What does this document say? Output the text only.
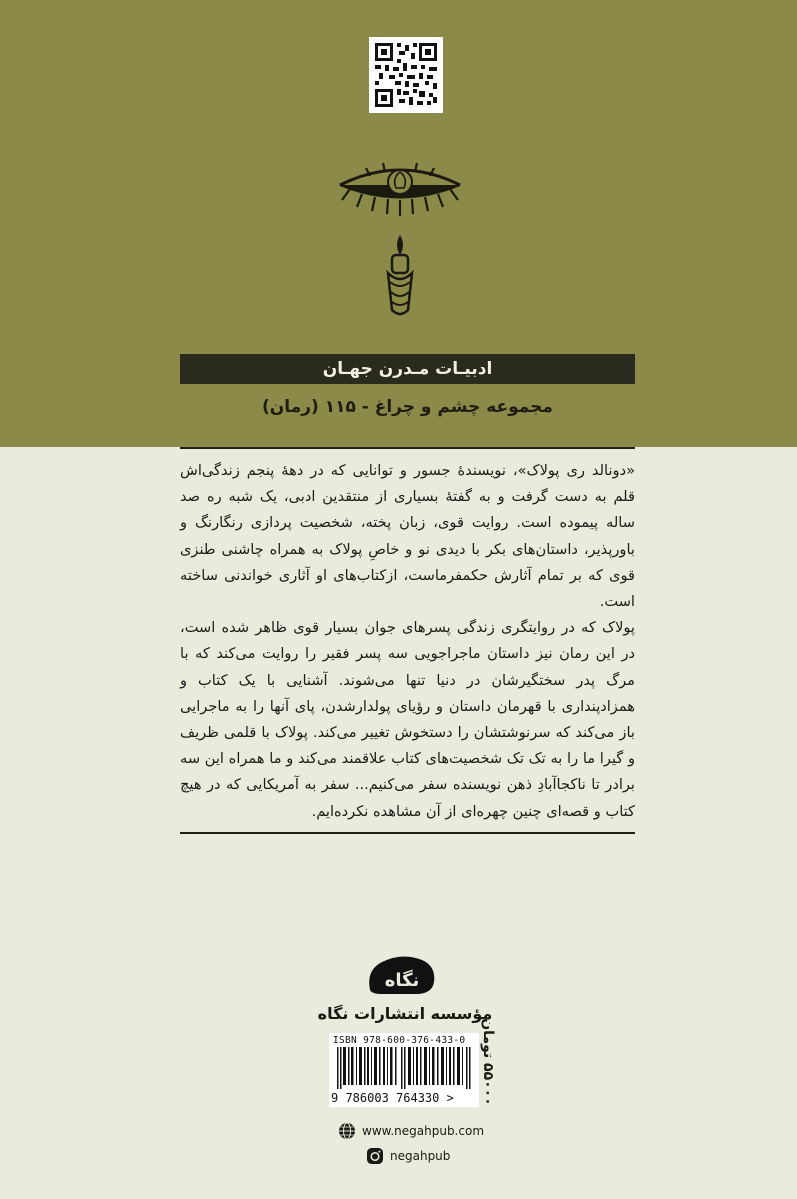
ادبیـات مـدرن جهـان
مجموعه چشم و چراغ - ۱۱۵ (رمان)

«دونالد ری پولاک»، نویسندهٔ جسور و توانایی که در دههٔ پنجم زندگی‌اش قلم به دست گرفت و به گفتهٔ بسیاری از منتقدین ادبی، یک شبه ره صد ساله پیموده است. روایت قوی، زبان پخته، شخصیت پردازی رنگارنگ و باورپذیر، داستان‌های بکر با دیدی نو و خاصِ پولاک به همراه چاشنی طنزی قوی که بر تمام آثارش حکمفرماست، ازکتاب‌های او آثاری خواندنی ساخته است.

پولاک که در روایتگری زندگی پسرهای جوان بسیار قوی ظاهر شده است، در این رمان نیز داستان ماجراجویی سه پسر فقیر را روایت می‌کند که با مرگ پدر سختگیرشان در دنیا تنها می‌شوند. آشنایی با یک کتاب و همزادپنداری با قهرمان داستان و رؤیای پولدارشدن، پای آنها را به ماجرایی باز می‌کند که سرنوشتشان را دستخوش تغییر می‌کند. پولاک با قلمی ظریف و گیرا ما را به تک تک شخصیت‌های کتاب علاقمند می‌کند و ما همراه این سه برادر تا ناکجاآبادِ ذهن نویسنده سفر می‌کنیم... سفر به آمریکایی که در هیچ کتاب و قصه‌ای چنین چهره‌ای از آن مشاهده نکرده‌ایم.

نگاه
مؤسسه انتشارات نگاه
ISBN 978-600-376-433-0
9 786003 764330 >
۵۵۰۰۰ تومان
www.negahpub.com
negahpub
